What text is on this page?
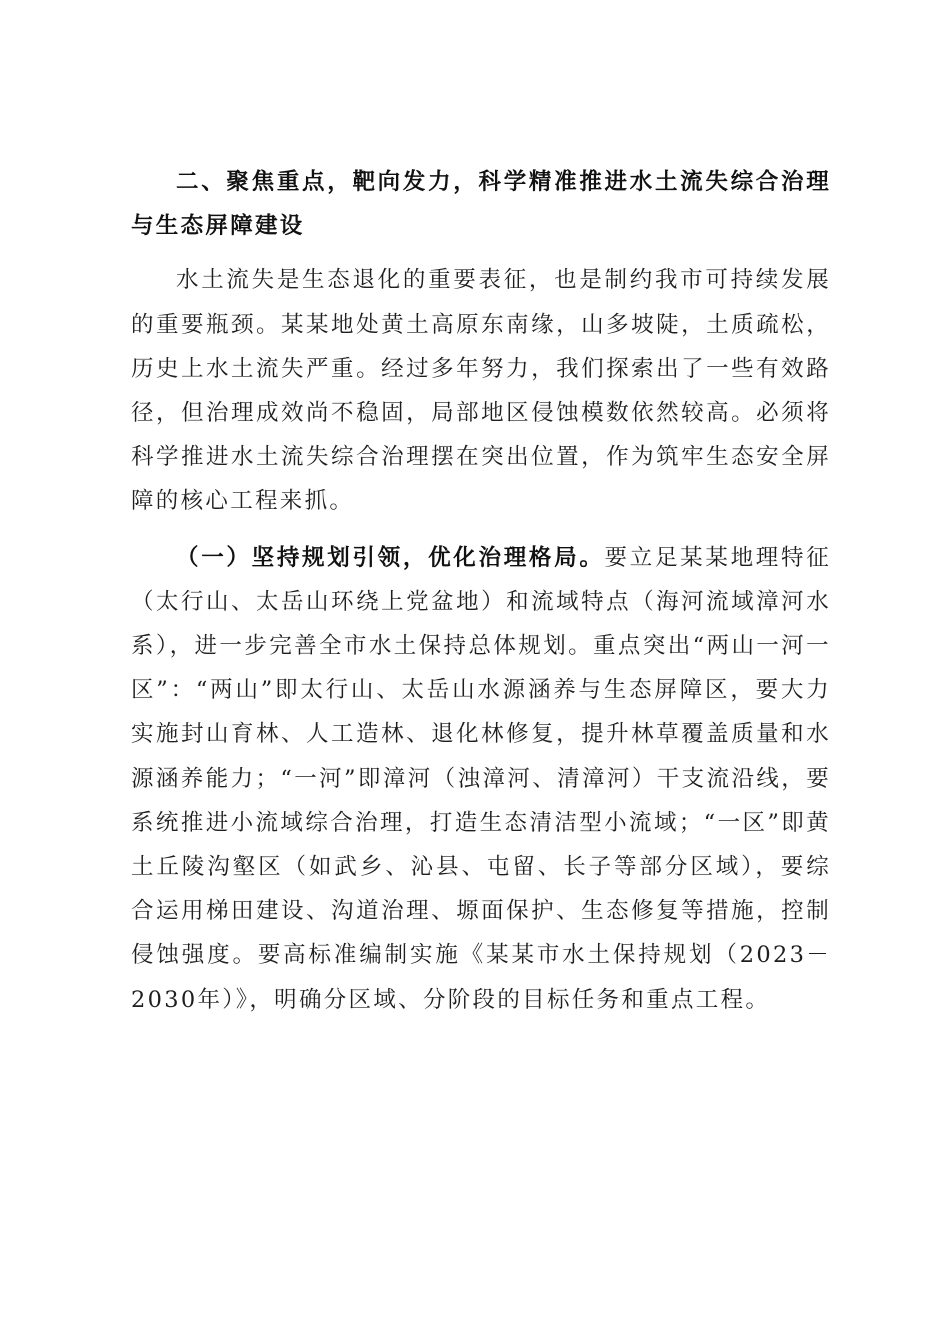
二、聚焦重点，靶向发力，科学精准推进水土流失综合治理与生态屏障建设

水土流失是生态退化的重要表征，也是制约我市可持续发展的重要瓶颈。某某地处黄土高原东南缘，山多坡陡，土质疏松，历史上水土流失严重。经过多年努力，我们探索出了一些有效路径，但治理成效尚不稳固，局部地区侵蚀模数依然较高。必须将科学推进水土流失综合治理摆在突出位置，作为筑牢生态安全屏障的核心工程来抓。

（一）坚持规划引领，优化治理格局。要立足某某地理特征（太行山、太岳山环绕上党盆地）和流域特点（海河流域漳河水系），进一步完善全市水土保持总体规划。重点突出“两山一河一区”：“两山”即太行山、太岳山水源涵养与生态屏障区，要大力实施封山育林、人工造林、退化林修复，提升林草覆盖质量和水源涵养能力；“一河”即漳河（浊漳河、清漳河）干支流沿线，要系统推进小流域综合治理，打造生态清洁型小流域；“一区”即黄土丘陵沟壑区（如武乡、沁县、屯留、长子等部分区域），要综合运用梯田建设、沟道治理、塬面保护、生态修复等措施，控制侵蚀强度。要高标准编制实施《某某市水土保持规划（2023－2030年）》，明确分区域、分阶段的目标任务和重点工程。
